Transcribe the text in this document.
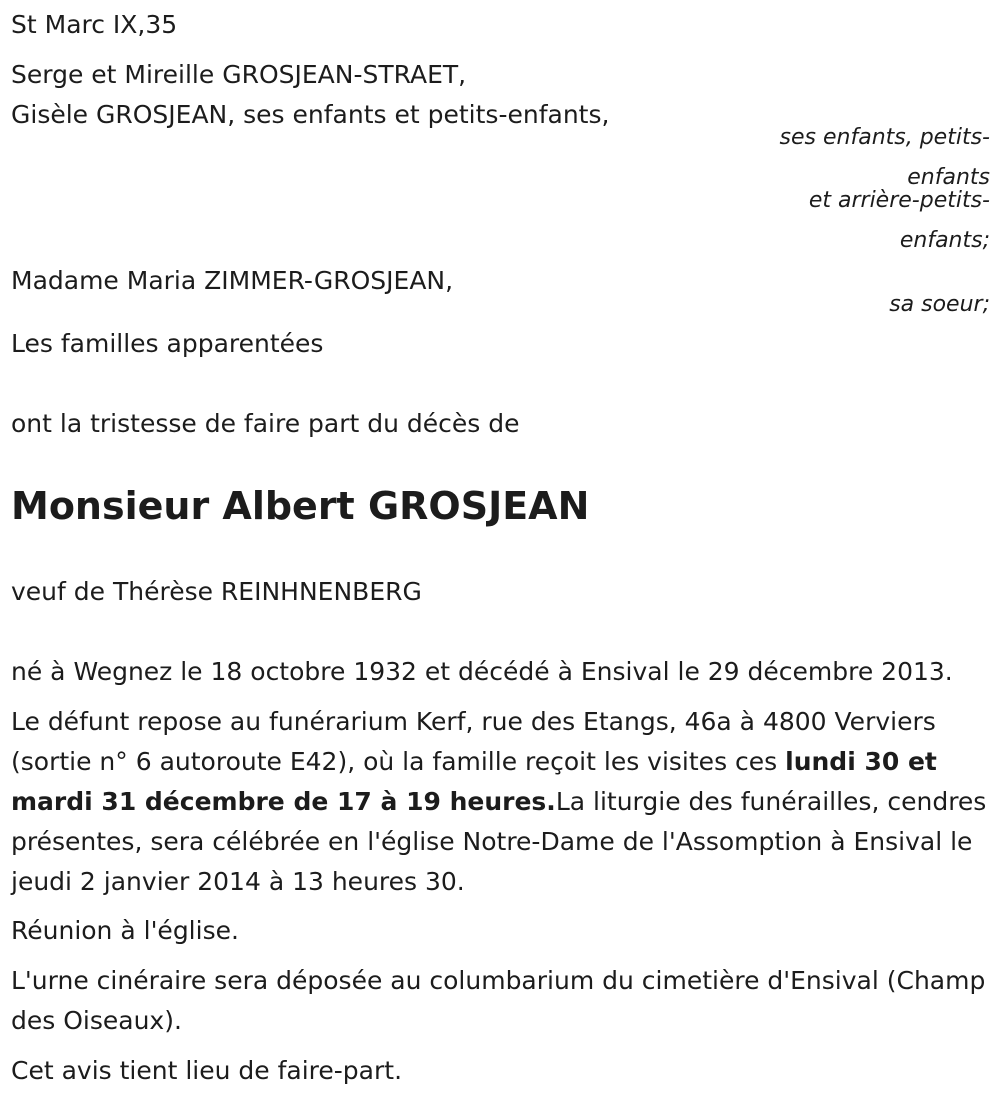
St Marc IX,35

Serge et Mireille GROSJEAN-STRAET,

Gisèle GROSJEAN, ses enfants et petits-enfants,

ses enfants, petits-

enfants

et arrière-petits-

enfants;

Madame Maria ZIMMER-GROSJEAN,

sa soeur;

Les familles apparentées

ont la tristesse de faire part du décès de

Monsieur Albert GROSJEAN

veuf de Thérèse REINHNENBERG

né à Wegnez le 18 octobre 1932 et décédé à Ensival le 29 décembre 2013.

Le défunt repose au funérarium Kerf, rue des Etangs, 46a à 4800 Verviers (sortie n° 6 autoroute E42), où la famille reçoit les visites ces lundi 30 et mardi 31 décembre de 17 à 19 heures.La liturgie des funérailles, cendres présentes, sera célébrée en l'église Notre-Dame de l'Assomption à Ensival le jeudi 2 janvier 2014 à 13 heures 30.

Réunion à l'église.

L'urne cinéraire sera déposée au columbarium du cimetière d'Ensival (Champ des Oiseaux).

Cet avis tient lieu de faire-part.
